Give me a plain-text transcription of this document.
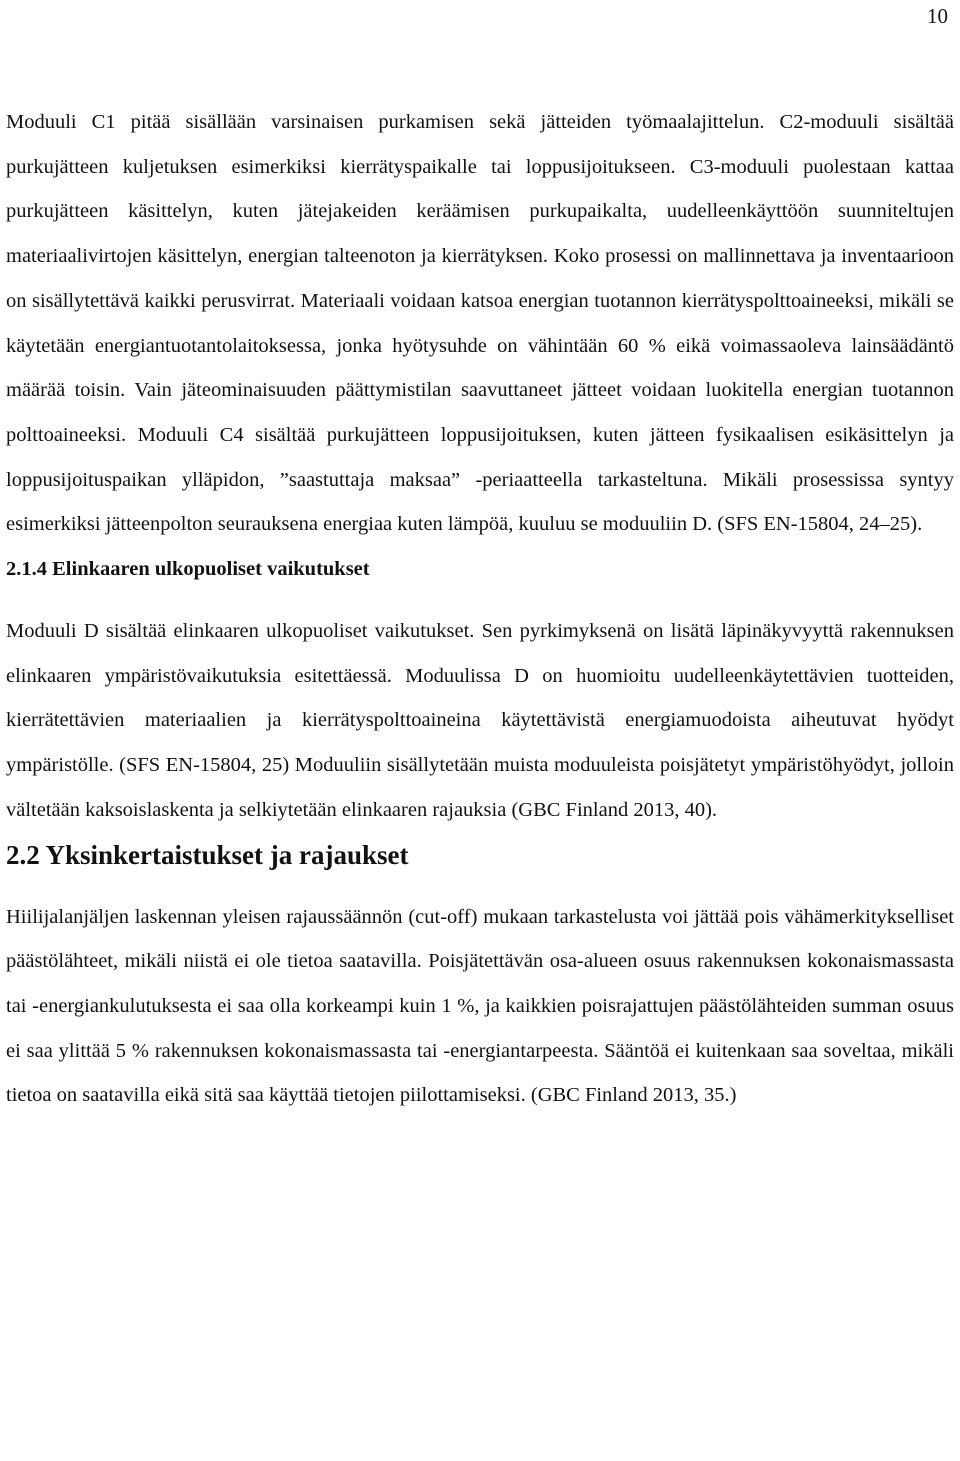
10

Moduuli C1 pitää sisällään varsinaisen purkamisen sekä jätteiden työmaalajittelun. C2-moduuli sisältää purkujätteen kuljetuksen esimerkiksi kierrätyspaikalle tai loppusijoitukseen. C3-moduuli puolestaan kattaa purkujätteen käsittelyn, kuten jätejakeiden keräämisen purkupaikalta, uudelleenkäyttöön suunniteltujen materiaalivirtojen käsittelyn, energian talteenoton ja kierrätyksen. Koko prosessi on mallinnettava ja inventaarioon on sisällytettävä kaikki perusvirrat. Materiaali voidaan katsoa energian tuotannon kierrätyspolttoaineeksi, mikäli se käytetään energiantuotantolaitoksessa, jonka hyötysuhde on vähintään 60 % eikä voimassaoleva lainsäädäntö määrää toisin. Vain jäteominaisuuden päättymistilan saavuttaneet jätteet voidaan luokitella energian tuotannon polttoaineeksi. Moduuli C4 sisältää purkujätteen loppusijoituksen, kuten jätteen fysikaalisen esikäsittelyn ja loppusijoituspaikan ylläpidon, ”saastuttaja maksaa” -periaatteella tarkasteltuna. Mikäli prosessissa syntyy esimerkiksi jätteenpolton seurauksena energiaa kuten lämpöä, kuuluu se moduuliin D. (SFS EN-15804, 24–25).

2.1.4 Elinkaaren ulkopuoliset vaikutukset

Moduuli D sisältää elinkaaren ulkopuoliset vaikutukset. Sen pyrkimyksenä on lisätä läpinäkyvyyttä rakennuksen elinkaaren ympäristövaikutuksia esitettäessä. Moduulissa D on huomioitu uudelleenkäytettävien tuotteiden, kierrätettävien materiaalien ja kierrätyspolttoaineina käytettävistä energiamuodoista aiheutuvat hyödyt ympäristölle. (SFS EN-15804, 25) Moduuliin sisällytetään muista moduuleista poisjätetyt ympäristöhyödyt, jolloin vältetään kaksoislaskenta ja selkiytetään elinkaaren rajauksia (GBC Finland 2013, 40).

2.2 Yksinkertaistukset ja rajaukset

Hiilijalanjäljen laskennan yleisen rajaussäännön (cut-off) mukaan tarkastelusta voi jättää pois vähämerkitykselliset päästölähteet, mikäli niistä ei ole tietoa saatavilla. Poisjätettävän osa-alueen osuus rakennuksen kokonaismassasta tai -energiankulutuksesta ei saa olla korkeampi kuin 1 %, ja kaikkien poisrajattujen päästölähteiden summan osuus ei saa ylittää 5 % rakennuksen kokonaismassasta tai -energiantarpeesta. Sääntöä ei kuitenkaan saa soveltaa, mikäli tietoa on saatavilla eikä sitä saa käyttää tietojen piilottamiseksi. (GBC Finland 2013, 35.)
